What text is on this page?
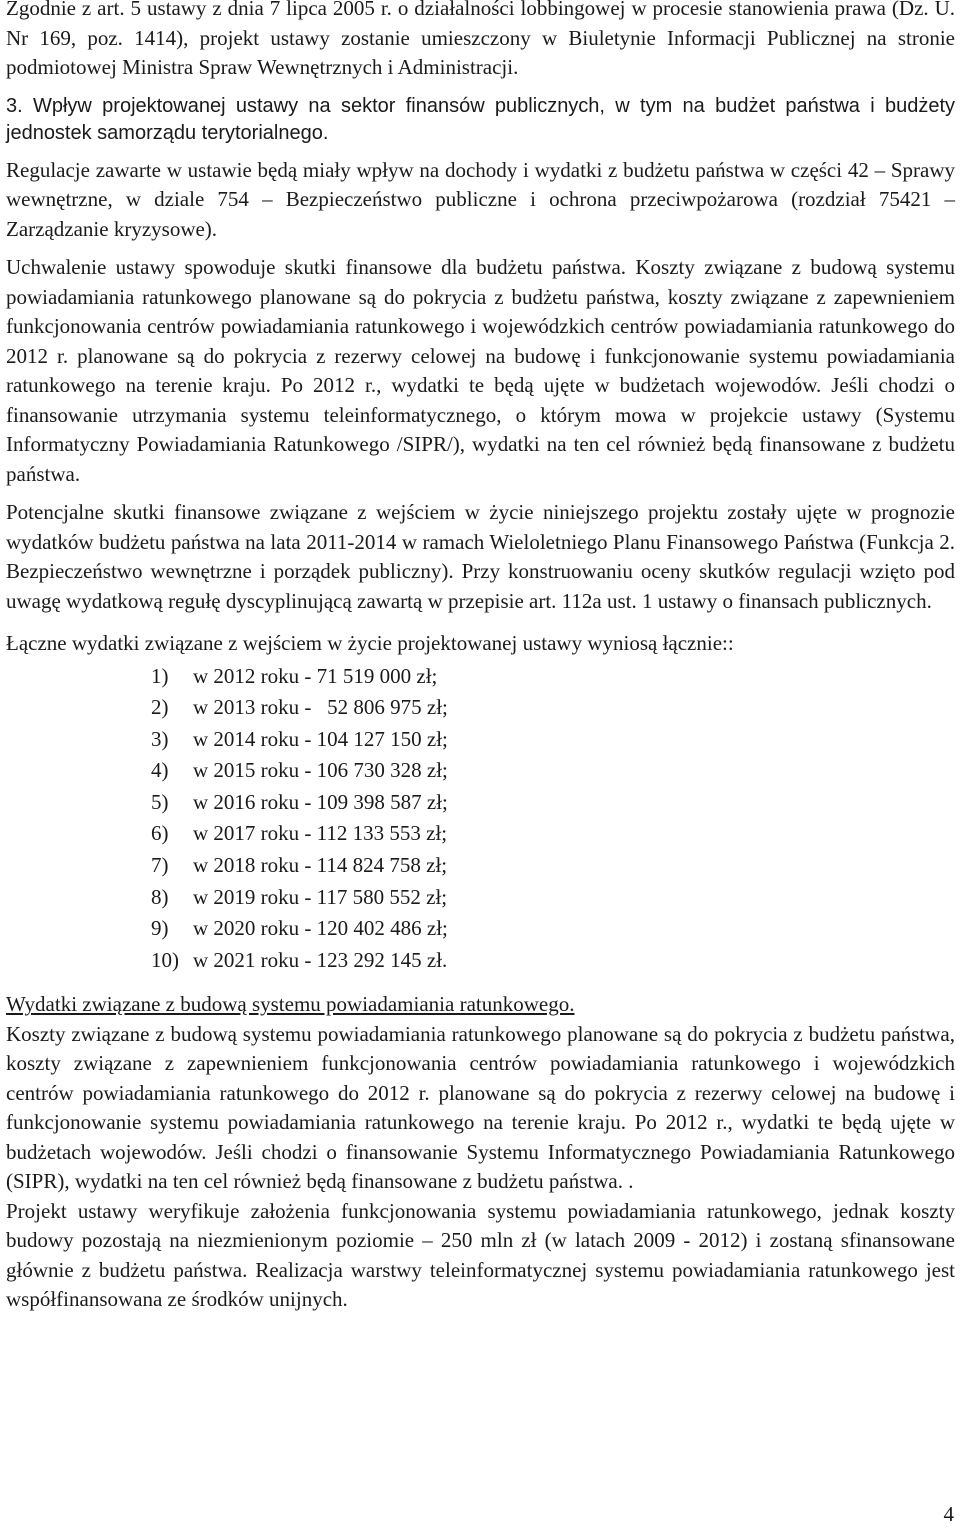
Zgodnie z art. 5 ustawy z dnia 7 lipca 2005 r. o działalności lobbingowej w procesie stanowienia prawa (Dz. U. Nr 169, poz. 1414), projekt ustawy zostanie umieszczony w Biuletynie Informacji Publicznej na stronie podmiotowej Ministra Spraw Wewnętrznych i Administracji.

3. Wpływ projektowanej ustawy na sektor finansów publicznych, w tym na budżet państwa i budżety jednostek samorządu terytorialnego.

Regulacje zawarte w ustawie będą miały wpływ na dochody i wydatki z budżetu państwa w części 42 – Sprawy wewnętrzne, w dziale 754 – Bezpieczeństwo publiczne i ochrona przeciwpożarowa (rozdział 75421 – Zarządzanie kryzysowe).

Uchwalenie ustawy spowoduje skutki finansowe dla budżetu państwa. Koszty związane z budową systemu powiadamiania ratunkowego planowane są do pokrycia z budżetu państwa, koszty związane z zapewnieniem funkcjonowania centrów powiadamiania ratunkowego i wojewódzkich centrów powiadamiania ratunkowego do 2012 r. planowane są do pokrycia z rezerwy celowej na budowę i funkcjonowanie systemu powiadamiania ratunkowego na terenie kraju. Po 2012 r., wydatki te będą ujęte w budżetach wojewodów. Jeśli chodzi o finansowanie utrzymania systemu teleinformatycznego, o którym mowa w projekcie ustawy (Systemu Informatyczny Powiadamiania Ratunkowego /SIPR/), wydatki na ten cel również będą finansowane z budżetu państwa.

Potencjalne skutki finansowe związane z wejściem w życie niniejszego projektu zostały ujęte w prognozie wydatków budżetu państwa na lata 2011-2014 w ramach Wieloletniego Planu Finansowego Państwa (Funkcja 2. Bezpieczeństwo wewnętrzne i porządek publiczny). Przy konstruowaniu oceny skutków regulacji wzięto pod uwagę wydatkową regułę dyscyplinującą zawartą w przepisie art. 112a ust. 1 ustawy o finansach publicznych.

Łączne wydatki związane z wejściem w życie projektowanej ustawy wyniosą łącznie::

1) w 2012 roku - 71 519 000 zł;
2) w 2013 roku -   52 806 975 zł;
3) w 2014 roku - 104 127 150 zł;
4) w 2015 roku - 106 730 328 zł;
5) w 2016 roku - 109 398 587 zł;
6) w 2017 roku - 112 133 553 zł;
7) w 2018 roku - 114 824 758 zł;
8) w 2019 roku - 117 580 552 zł;
9) w 2020 roku - 120 402 486 zł;
10) w 2021 roku - 123 292 145 zł.

Wydatki związane z budową systemu powiadamiania ratunkowego.

Koszty związane z budową systemu powiadamiania ratunkowego planowane są do pokrycia z budżetu państwa, koszty związane z zapewnieniem funkcjonowania centrów powiadamiania ratunkowego i wojewódzkich centrów powiadamiania ratunkowego do 2012 r. planowane są do pokrycia z rezerwy celowej na budowę i funkcjonowanie systemu powiadamiania ratunkowego na terenie kraju. Po 2012 r., wydatki te będą ujęte w budżetach wojewodów. Jeśli chodzi o finansowanie Systemu Informatycznego Powiadamiania Ratunkowego (SIPR), wydatki na ten cel również będą finansowane z budżetu państwa. .

Projekt ustawy weryfikuje założenia funkcjonowania systemu powiadamiania ratunkowego, jednak koszty budowy pozostają na niezmienionym poziomie – 250 mln zł (w latach 2009 - 2012) i zostaną sfinansowane głównie z budżetu państwa. Realizacja warstwy teleinformatycznej systemu powiadamiania ratunkowego jest współfinansowana ze środków unijnych.

4
